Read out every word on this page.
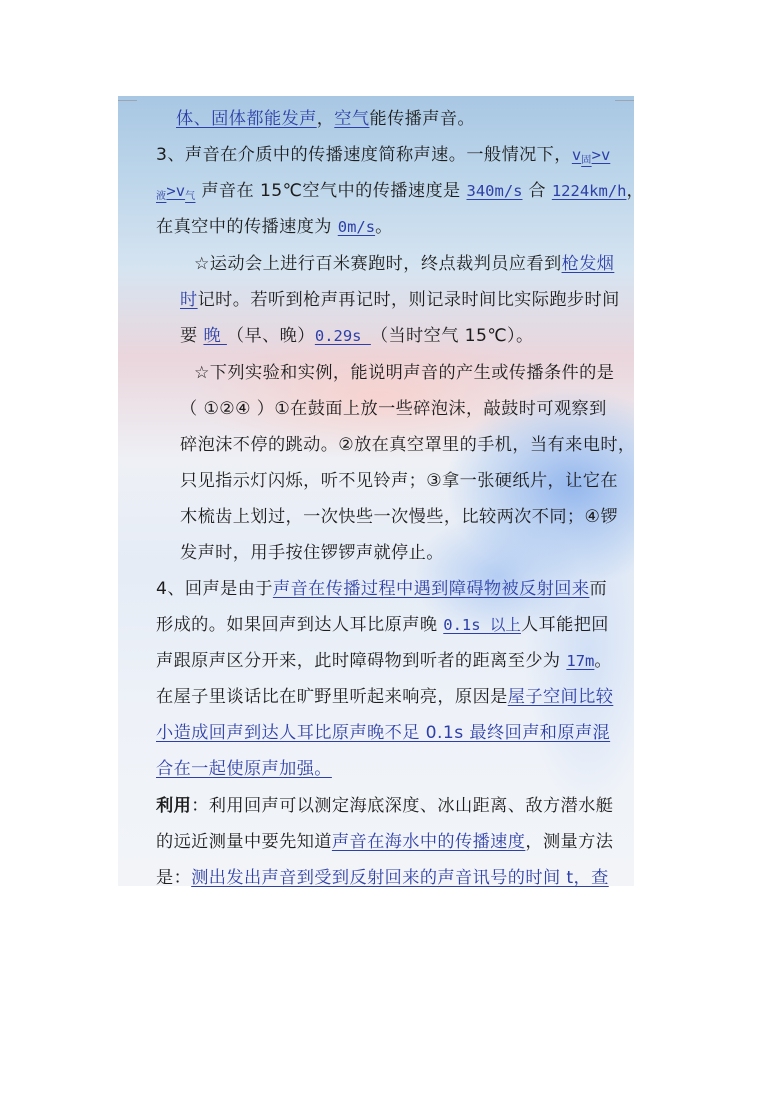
体、固体都能发声，空气能传播声音。
3、声音在介质中的传播速度简称声速。一般情况下，$v_固>v$
$_液>v_气$ 声音在 15℃空气中的传播速度是 340m/s 合 1224km/h，
在真空中的传播速度为 0m/s。
☆运动会上进行百米赛跑时，终点裁判员应看到枪发烟
时记时。若听到枪声再记时，则记录时间比实际跑步时间
要 晚 （早、晚）0.29s （当时空气 15℃）。
☆下列实验和实例，能说明声音的产生或传播条件的是
（ ①②④ ）①在鼓面上放一些碎泡沫，敲鼓时可观察到
碎泡沫不停的跳动。②放在真空罩里的手机，当有来电时，
只见指示灯闪烁，听不见铃声；③拿一张硬纸片，让它在
木梳齿上划过，一次快些一次慢些，比较两次不同；④锣
发声时，用手按住锣锣声就停止。
4、回声是由于声音在传播过程中遇到障碍物被反射回来而
形成的。如果回声到达人耳比原声晚 0.1s 以上人耳能把回
声跟原声区分开来，此时障碍物到听者的距离至少为 17m。
在屋子里谈话比在旷野里听起来响亮，原因是屋子空间比较
小造成回声到达人耳比原声晚不足 0.1s 最终回声和原声混
合在一起使原声加强。
利用：利用回声可以测定海底深度、冰山距离、敌方潜水艇
的远近测量中要先知道声音在海水中的传播速度，测量方法
是：测出发出声音到受到反射回来的声音讯号的时间 t，查
